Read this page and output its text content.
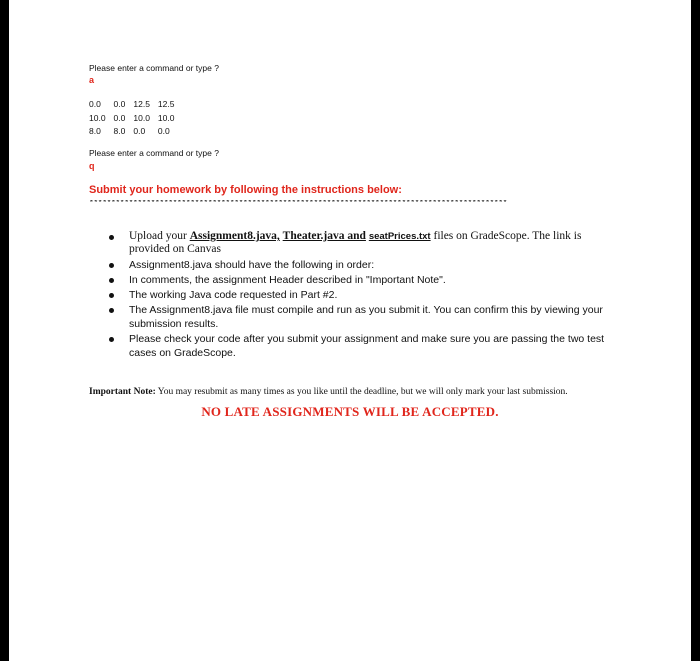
Please enter a command or type ?
a
0.0	0.0	12.5	12.5
10.0	0.0	10.0	10.0
8.0	8.0	0.0	0.0
Please enter a command or type ?
q
Submit your homework by following the instructions below:
***********************************************************************************************
Upload your Assignment8.java, Theater.java and seatPrices.txt files on GradeScope. The link is provided on Canvas
Assignment8.java should have the following in order:
In comments, the assignment Header described in "Important Note".
The working Java code requested in Part #2.
The Assignment8.java file must compile and run as you submit it. You can confirm this by viewing your submission results.
Please check your code after you submit your assignment and make sure you are passing the two test cases on GradeScope.
Important Note: You may resubmit as many times as you like until the deadline, but we will only mark your last submission.
NO LATE ASSIGNMENTS WILL BE ACCEPTED.
